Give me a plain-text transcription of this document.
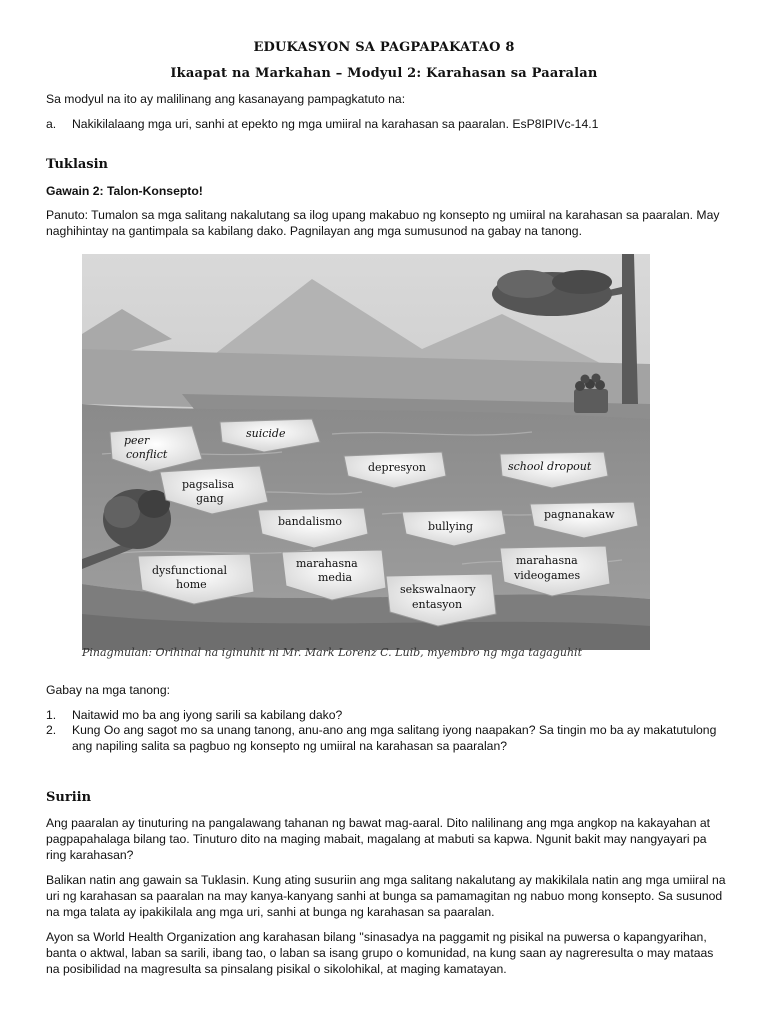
EDUKASYON SA PAGPAPAKATAO 8
Ikaapat na Markahan – Modyul 2: Karahasan sa Paaralan
Sa modyul na ito ay malilinang ang kasanayang pampagkatuto na:
a. Nakikilalaang mga uri, sanhi at epekto ng mga umiiral na karahasan sa paaralan. EsP8IPIVc-14.1
Tuklasin
Gawain 2: Talon-Konsepto!
Panuto: Tumalon sa mga salitang nakalutang sa ilog upang makabuo ng konsepto ng umiiral na karahasan sa paaralan. May naghihintay na gantimpala sa kabilang dako. Pagnilayan ang mga sumusunod na gabay na tanong.
peer
conflict
suicide
pagsalisa
gang
depresyon	school dropout
bandalismo	bullying
pagnanakaw
dysfunctional
home
marahasna
media
marahasna
videogames
sekswalnaory
entasyon
Pinagmulan: Orihinal na iginuhit ni Mr. Mark Lorenz C. Luib, myembro ng mga tagaguhit
Gabay na mga tanong:
1. Naitawid mo ba ang iyong sarili sa kabilang dako?
2. Kung Oo ang sagot mo sa unang tanong, anu-ano ang mga salitang iyong naapakan? Sa tingin mo ba ay makatutulong ang napiling salita sa pagbuo ng konsepto ng umiiral na karahasan sa paaralan?
Suriin
Ang paaralan ay tinuturing na pangalawang tahanan ng bawat mag-aaral. Dito nalilinang ang mga angkop na kakayahan at pagpapahalaga bilang tao. Tinuturo dito na maging mabait, magalang at mabuti sa kapwa. Ngunit bakit may nangyayari pa ring karahasan?
Balikan natin ang gawain sa Tuklasin. Kung ating susuriin ang mga salitang nakalutang ay makikilala natin ang mga umiiral na uri ng karahasan sa paaralan na may kanya-kanyang sanhi at bunga sa pamamagitan ng nabuo mong konsepto. Sa susunod na mga talata ay ipakikilala ang mga uri, sanhi at bunga ng karahasan sa paaralan.
Ayon sa World Health Organization ang karahasan bilang ''sinasadya na paggamit ng pisikal na puwersa o kapangyarihan, banta o aktwal, laban sa sarili, ibang tao, o laban sa isang grupo o komunidad, na kung saan ay nagreresulta o may mataas na posibilidad na magresulta sa pinsalang pisikal o sikolohikal, at maging kamatayan.
